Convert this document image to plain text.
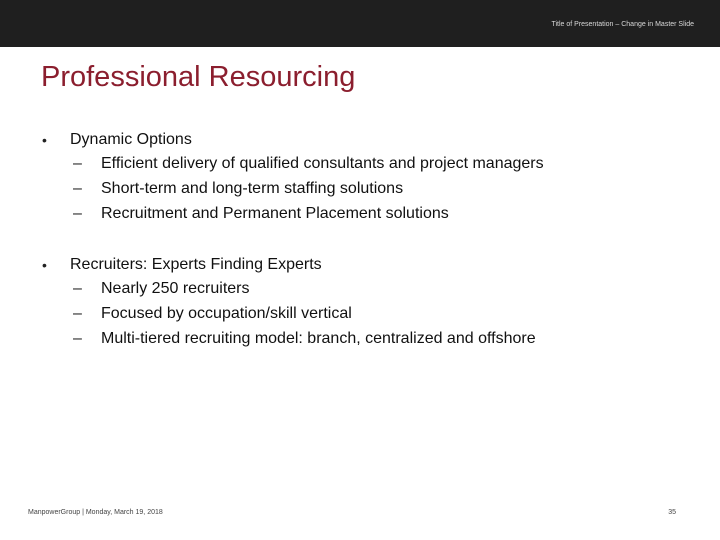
Title of Presentation – Change in Master Slide
Professional Resourcing
• Dynamic Options
– Efficient delivery of qualified consultants and project managers
– Short-term and long-term staffing solutions
– Recruitment and Permanent Placement solutions
• Recruiters: Experts Finding Experts
– Nearly 250 recruiters
– Focused by occupation/skill vertical
– Multi-tiered recruiting model: branch, centralized and offshore
ManpowerGroup | Monday, March 19, 2018	35
